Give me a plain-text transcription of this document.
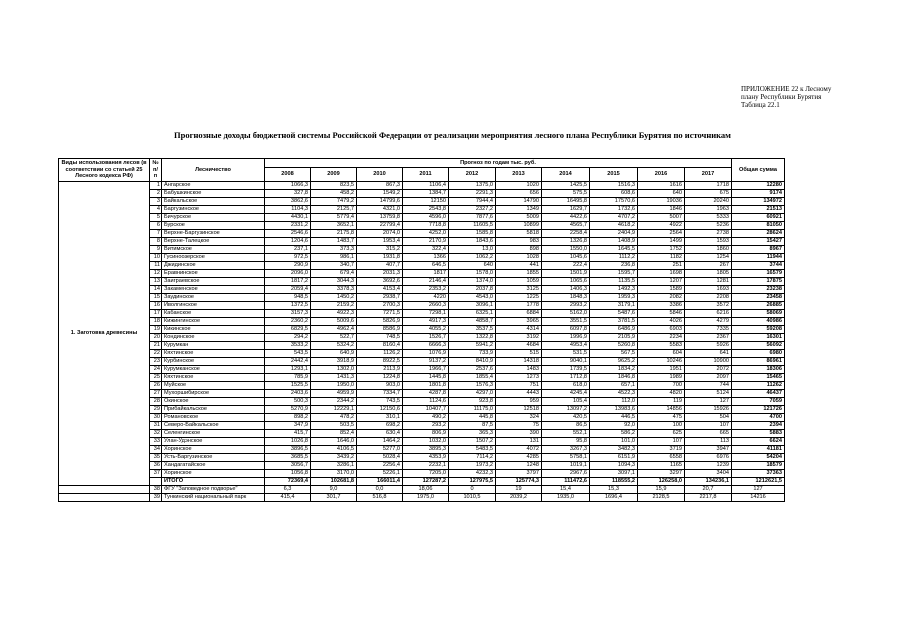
ПРИЛОЖЕНИЕ 22 к Лесному
плану Республики Бурятия
Таблица 22.1
Прогнозные доходы бюджетной системы Российской Федерации от реализации мероприятия лесного плана Республики Бурятия по источникам
Виды использования лесов (в соответствии со статьей 25 Лесного кодекса РФ)	№ п/п	Лесничество	Прогноз по годам тыс. руб.										Общая сумма
			2008	2009	2010	2011	2012	2013	2014	2015	2016	2017	
1. Заготовка древесины	1	Ангарское	1066,3	823,5	867,3	1106,4	1375,0	1020	1425,5	1516,3	1616	1718	12280
	2	Бабушкинское	327,8	458,2	1549,2	1384,7	2291,3	656	575,5	608,6	640	675	9174
	3	Байкальское	3862,6	7479,2	14799,6	12150	7944,4	14790	16495,8	17570,6	19036	20240	134972
	4	Баргузинское	1104,3	2125,7	4321,0	2543,8	2327,2	1349	1629,7	1732,6	1846	1963	21513
	5	Бичурское	4430,1	5779,4	13759,8	4596,0	7877,6	5009	4422,6	4707,2	5007	5333	60921
	6	Бурское	2331,2	3652,1	22799,4	7718,8	11605,5	10899	4565,7	4618,2	4922	5236	81050
	7	Верхне-Баргузинское	2546,6	2175,8	2074,0	4252,0	1585,8	5818	2258,4	2404,9	2564	2738	28624
	8	Верхне-Талецкое	1204,6	1483,7	1953,4	2170,9	1843,6	983	1326,8	1408,9	1499	1593	15427
	9	Витимское	237,1	373,3	315,2	322,4	13,0	898	1550,0	1645,5	1752	1860	8967
	10	Гусиноозерское	972,5	986,1	1931,8	1366	1062,2	1028	1045,6	1112,2	1182	1254	11944
	11	Джидинское	290,9	340,7	407,7	646,5	640	441	222,4	236,8	251	267	3744
	12	Еравнинское	2096,0	679,4	2031,3	1817	1578,0	1855	1501,9	1595,7	1698	1805	16579
	13	Заиграевское	1817,2	3044,3	3692,6	2146,4	1374,0	1059	1065,6	1135,5	1207	1281	17875
	14	Закаменское	2059,4	3378,3	4153,4	2353,2	2037,8	3125	1406,3	1492,3	1589	1693	23238
	15	Заудинское	948,5	1450,2	2938,7	4220	4543,0	1225	1848,3	1959,3	2082	2208	23458
	16	Иволгинское	1372,5	2159,2	2700,3	2660,3	3096,1	1778	2993,2	3179,1	3386	3572	26885
	17	Кабанское	3157,3	4922,3	7271,5	7298,1	6325,1	6884	5162,0	5487,6	5846	6216	58069
	18	Кижингинское	2360,2	5009,6	5826,9	4917,3	4858,7	3965	3551,5	3781,5	4026	4279	40986
	19	Кикинское	6829,5	4962,4	8586,9	4055,2	3537,5	4314	6097,8	6486,9	6903	7335	59208
	20	Кондинское	294,2	522,7	748,5	1526,7	1322,8	3192	1996,9	2105,9	2234	2367	16301
	21	Курумкан	3533,2	5324,2	8160,4	6666,3	5941,2	4684	4953,4	5260,8	5583	5926	56092
	22	Кяхтинское	543,5	640,9	1126,2	1076,9	733,9	515	531,5	567,5	604	641	6980
	23	Курбинское	2442,4	3918,9	8922,5	9137,2	8410,9	14318	9040,1	9625,2	10246	10900	86961
	24	Курумканское	1293,1	1302,0	2113,9	1966,7	2537,6	1483	1739,5	1834,2	1951	2072	18306
	25	Кяхтинское	785,9	1431,3	1224,8	1445,8	1855,4	1273	1712,8	1846,8	1989	2097	15465
	26	Муйское	1525,5	1950,0	903,0	1801,8	1576,3	751	618,0	657,1	700	744	11262
	27	Мухоршибирское	2403,6	4959,9	7334,7	4287,8	4297,0	4443	4245,4	4522,3	4820	5124	46437
	28	Окинское	500,3	2344,2	743,5	1124,6	923,8	959	105,4	112,0	119	127	7059
	29	Прибайкальское	5270,9	12229,1	12150,6	10407,7	11175,0	12518	13097,2	13983,6	14856	15926	121726
	30	Романовское	898,2	478,2	310,1	490,2	445,8	324	420,5	446,5	475	504	4700
	31	Северо-Байкальское	347,9	503,5	698,2	293,2	87,5	75	86,5	92,0	100	107	2394
	32	Селенгинское	415,7	852,4	630,4	806,9	365,3	390	552,1	586,2	625	665	5883
	33	Улан-Удэнское	1026,8	1646,0	1464,2	1032,0	1507,2	131	95,8	101,0	107	113	6624
	34	Хоринское	3896,5	4106,5	5277,0	3895,3	5483,5	4072	3267,3	3482,3	3719	3947	41181
	35	Усть-Баргузинское	3685,5	3439,2	5028,4	4353,9	7114,2	4285	5758,1	6151,9	6558	6976	54204
	36	Хандагатайское	3056,7	3286,1	2256,4	2232,1	1973,2	1248	1019,1	1094,3	1165	1239	18579
	37	Хоринское	1056,8	3170,0	5226,1	7205,0	4232,3	3797	2967,6	3097,1	3297	3404	37363
		ИТОГО	72369,4	102681,8	166011,4	127287,2	127975,5	125774,3	111472,6	118555,2	126258,0	134236,1	1212621,5
	38	ФГУ "Заповедное подворье"	6,3	9,0	0,0	18,06	0	19	15,4	15,3	15,9	20,7	127
	39	Тункинский национальный парк	415,4	301,7	516,8	1975,0	1010,5	2039,2	1935,0	1696,4	2128,5	2217,8	14216
